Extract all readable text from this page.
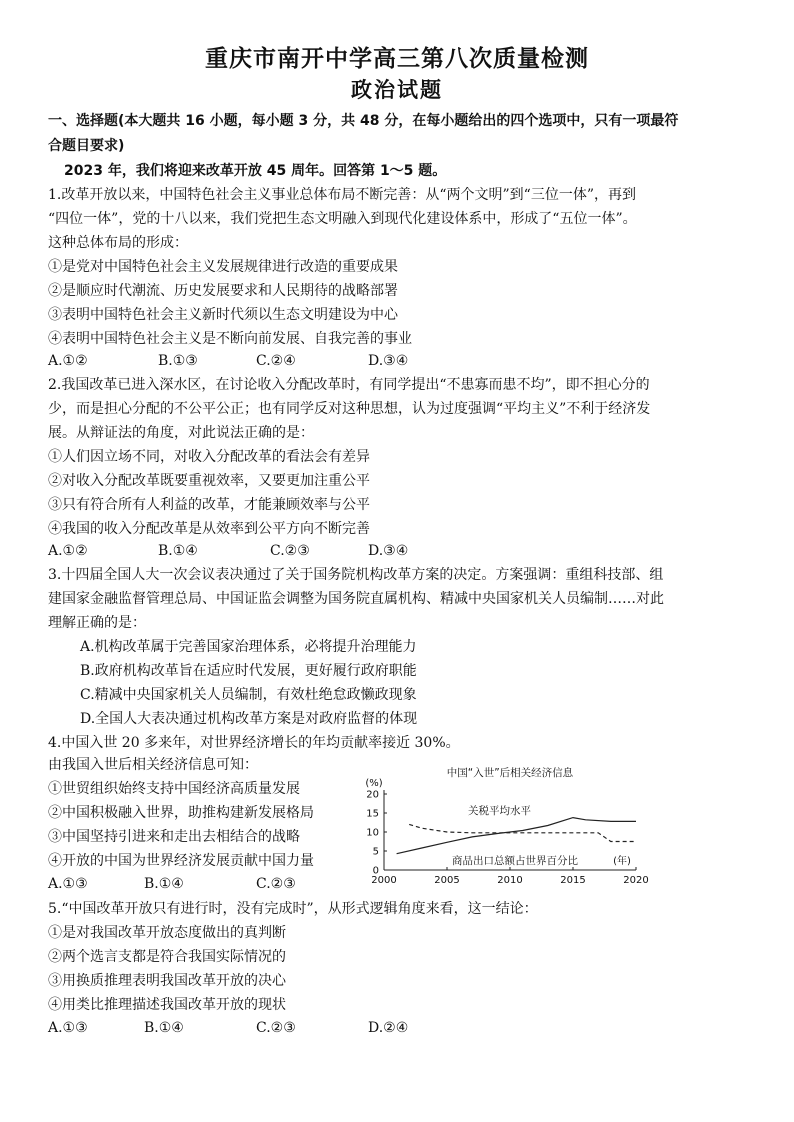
重庆市南开中学高三第八次质量检测
政治试题
一、选择题(本大题共 16 小题，每小题 3 分，共 48 分，在每小题给出的四个选项中，只有一项最符
合题目要求)
2023 年，我们将迎来改革开放 45 周年。回答第 1～5 题。
1.改革开放以来，中国特色社会主义事业总体布局不断完善：从“两个文明”到“三位一体”，再到
“四位一体”，党的十八以来，我们党把生态文明融入到现代化建设体系中，形成了“五位一体”。
这种总体布局的形成：
①是党对中国特色社会主义发展规律进行改造的重要成果
②是顺应时代潮流、历史发展要求和人民期待的战略部署
③表明中国特色社会主义新时代须以生态文明建设为中心
④表明中国特色社会主义是不断向前发展、自我完善的事业
A.①②	B.①③	C.②④	D.③④
2.我国改革已进入深水区，在讨论收入分配改革时，有同学提出“不患寡而患不均”，即不担心分的
少，而是担心分配的不公平公正；也有同学反对这种思想，认为过度强调“平均主义”不利于经济发
展。从辩证法的角度，对此说法正确的是：
①人们因立场不同，对收入分配改革的看法会有差异
②对收入分配改革既要重视效率，又要更加注重公平
③只有符合所有人利益的改革，才能兼顾效率与公平
④我国的收入分配改革是从效率到公平方向不断完善
A.①②	B.①④	C.②③	D.③④
3.十四届全国人大一次会议表决通过了关于国务院机构改革方案的决定。方案强调：重组科技部、组
建国家金融监督管理总局、中国证监会调整为国务院直属机构、精减中央国家机关人员编制……对此
理解正确的是：
A.机构改革属于完善国家治理体系，必将提升治理能力
B.政府机构改革旨在适应时代发展，更好履行政府职能
C.精减中央国家机关人员编制，有效杜绝怠政懒政现象
D.全国人大表决通过机构改革方案是对政府监督的体现
4.中国入世 20 多来年，对世界经济增长的年均贡献率接近 30%。
由我国入世后相关经济信息可知：
①世贸组织始终支持中国经济高质量发展
②中国积极融入世界，助推构建新发展格局
③中国坚持引进来和走出去相结合的战略
④开放的中国为世界经济发展贡献中国力量
A.①③	B.①④	C.②③
中国“入世”后相关经济信息
(%)
0
5
10
15
20
2000	2005	2010	2015	2020
(年)
关税平均水平
商品出口总额占世界百分比
5.“中国改革开放只有进行时，没有完成时”，从形式逻辑角度来看，这一结论：
①是对我国改革开放态度做出的真判断
②两个选言支都是符合我国实际情况的
③用换质推理表明我国改革开放的决心
④用类比推理描述我国改革开放的现状
A.①③	B.①④	C.②③	D.②④
